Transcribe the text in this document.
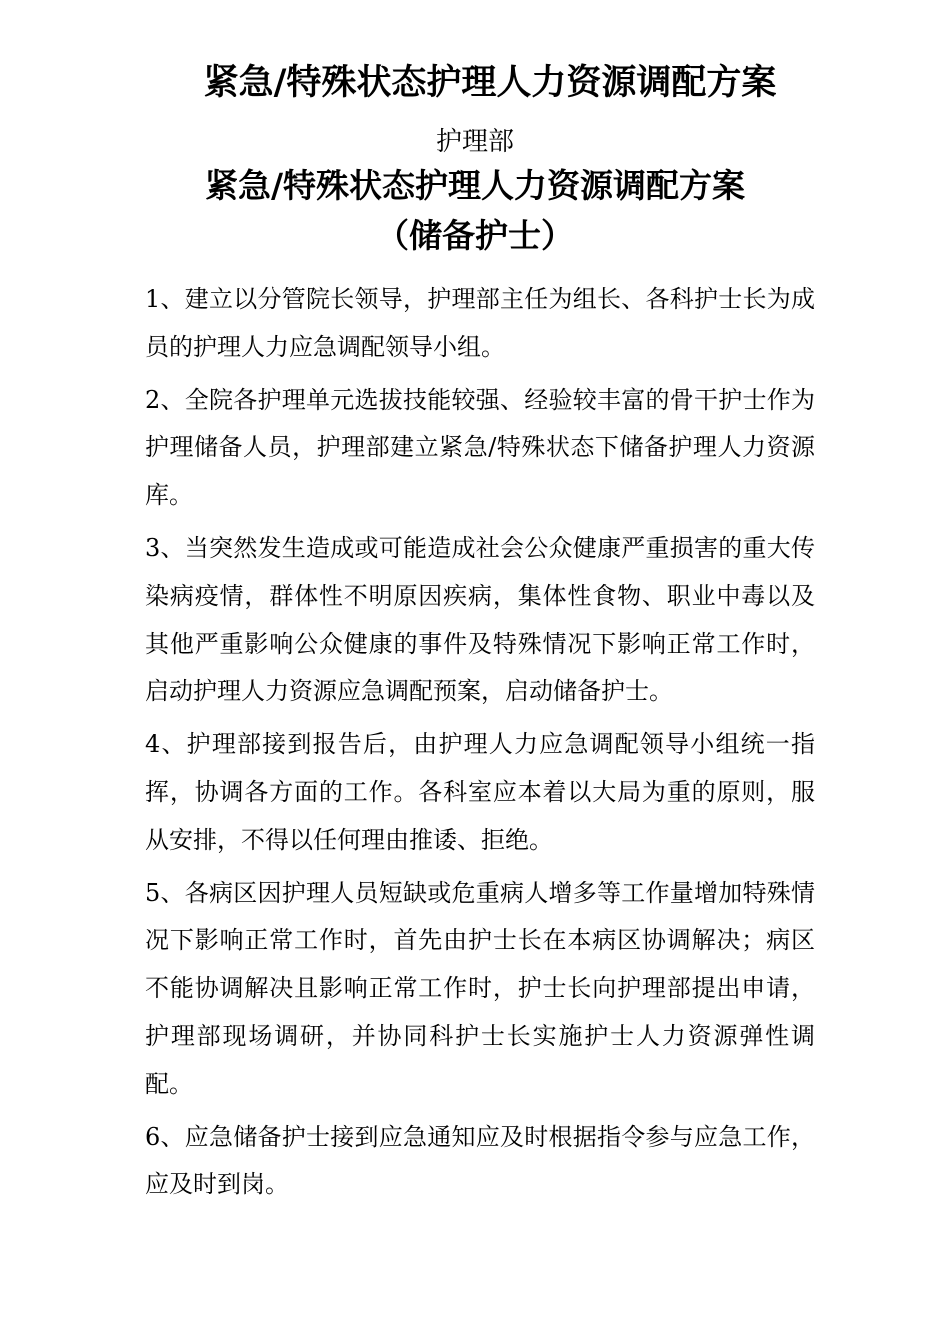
紧急/特殊状态护理人力资源调配方案

护理部

紧急/特殊状态护理人力资源调配方案
（储备护士）

1、建立以分管院长领导，护理部主任为组长、各科护士长为成员的护理人力应急调配领导小组。

2、全院各护理单元选拔技能较强、经验较丰富的骨干护士作为护理储备人员，护理部建立紧急/特殊状态下储备护理人力资源库。

3、当突然发生造成或可能造成社会公众健康严重损害的重大传染病疫情，群体性不明原因疾病，集体性食物、职业中毒以及其他严重影响公众健康的事件及特殊情况下影响正常工作时，启动护理人力资源应急调配预案，启动储备护士。

4、护理部接到报告后，由护理人力应急调配领导小组统一指挥，协调各方面的工作。各科室应本着以大局为重的原则，服从安排，不得以任何理由推诿、拒绝。

5、各病区因护理人员短缺或危重病人增多等工作量增加特殊情况下影响正常工作时，首先由护士长在本病区协调解决；病区不能协调解决且影响正常工作时，护士长向护理部提出申请，护理部现场调研，并协同科护士长实施护士人力资源弹性调配。

6、应急储备护士接到应急通知应及时根据指令参与应急工作，应及时到岗。
